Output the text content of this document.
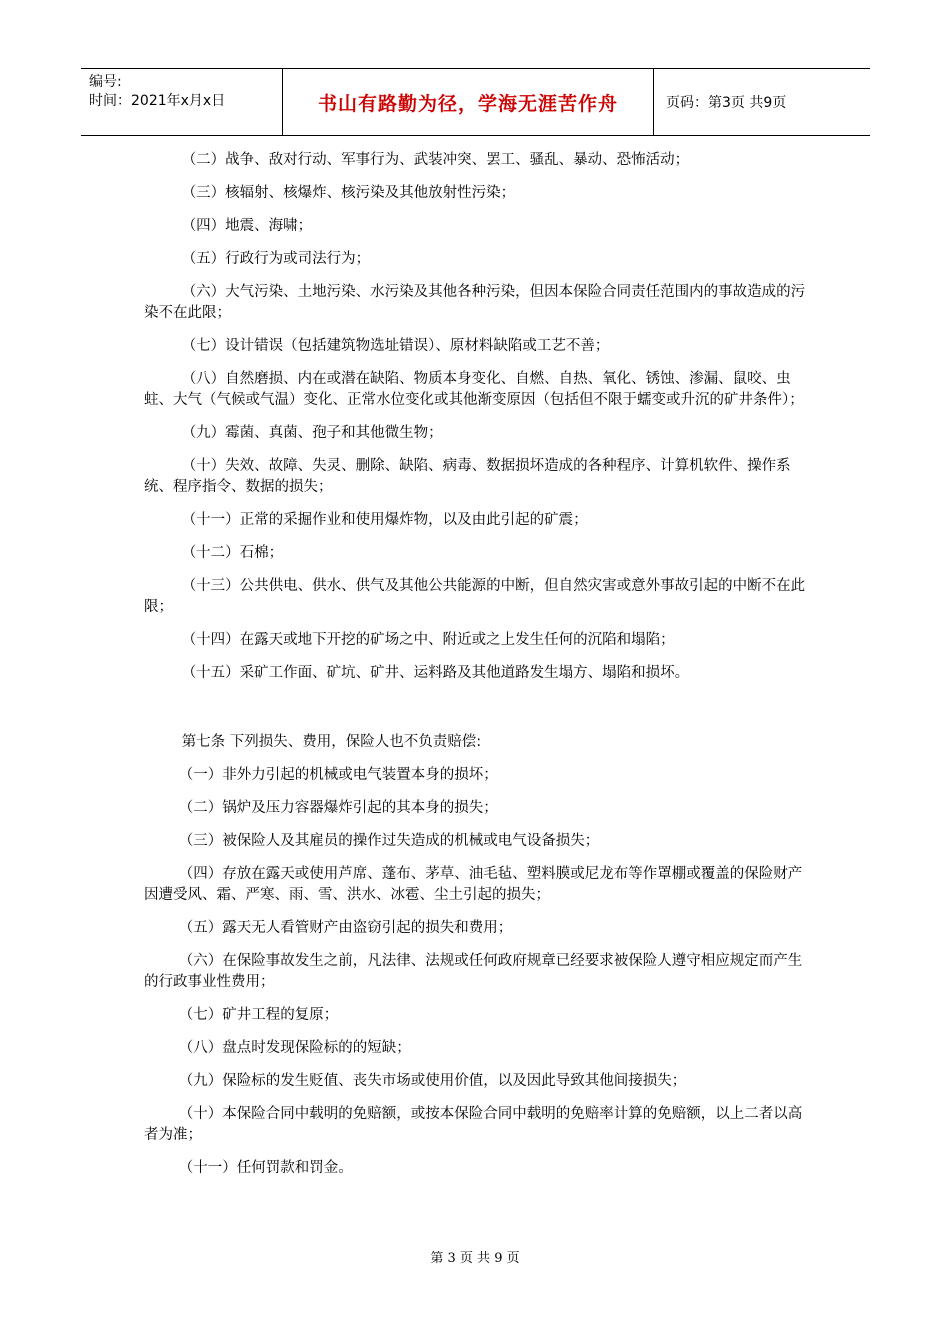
编号:
时间：2021年x月x日	书山有路勤为径，学海无涯苦作舟	页码：第3页 共9页

（二）战争、敌对行动、军事行为、武装冲突、罢工、骚乱、暴动、恐怖活动；

（三）核辐射、核爆炸、核污染及其他放射性污染；

（四）地震、海啸；

（五）行政行为或司法行为；

（六）大气污染、土地污染、水污染及其他各种污染，但因本保险合同责任范围内的事故造成的污染不在此限；

（七）设计错误（包括建筑物选址错误）、原材料缺陷或工艺不善；

（八）自然磨损、内在或潜在缺陷、物质本身变化、自燃、自热、氧化、锈蚀、渗漏、鼠咬、虫蛀、大气（气候或气温）变化、正常水位变化或其他渐变原因（包括但不限于蠕变或升沉的矿井条件）；

（九）霉菌、真菌、孢子和其他微生物；

（十）失效、故障、失灵、删除、缺陷、病毒、数据损坏造成的各种程序、计算机软件、操作系统、程序指令、数据的损失；

（十一）正常的采掘作业和使用爆炸物，以及由此引起的矿震；

（十二）石棉；

（十三）公共供电、供水、供气及其他公共能源的中断，但自然灾害或意外事故引起的中断不在此限；

（十四）在露天或地下开挖的矿场之中、附近或之上发生任何的沉陷和塌陷；

（十五）采矿工作面、矿坑、矿井、运料路及其他道路发生塌方、塌陷和损坏。

第七条 下列损失、费用，保险人也不负责赔偿:

（一）非外力引起的机械或电气装置本身的损坏；

（二）锅炉及压力容器爆炸引起的其本身的损失；

（三）被保险人及其雇员的操作过失造成的机械或电气设备损失；

（四）存放在露天或使用芦席、蓬布、茅草、油毛毡、塑料膜或尼龙布等作罩棚或覆盖的保险财产因遭受风、霜、严寒、雨、雪、洪水、冰雹、尘土引起的损失；

（五）露天无人看管财产由盗窃引起的损失和费用；

（六）在保险事故发生之前，凡法律、法规或任何政府规章已经要求被保险人遵守相应规定而产生的行政事业性费用；

（七）矿井工程的复原；

（八）盘点时发现保险标的的短缺；

（九）保险标的发生贬值、丧失市场或使用价值，以及因此导致其他间接损失；

（十）本保险合同中载明的免赔额，或按本保险合同中载明的免赔率计算的免赔额，以上二者以高者为准；

（十一）任何罚款和罚金。

第 3 页 共 9 页
